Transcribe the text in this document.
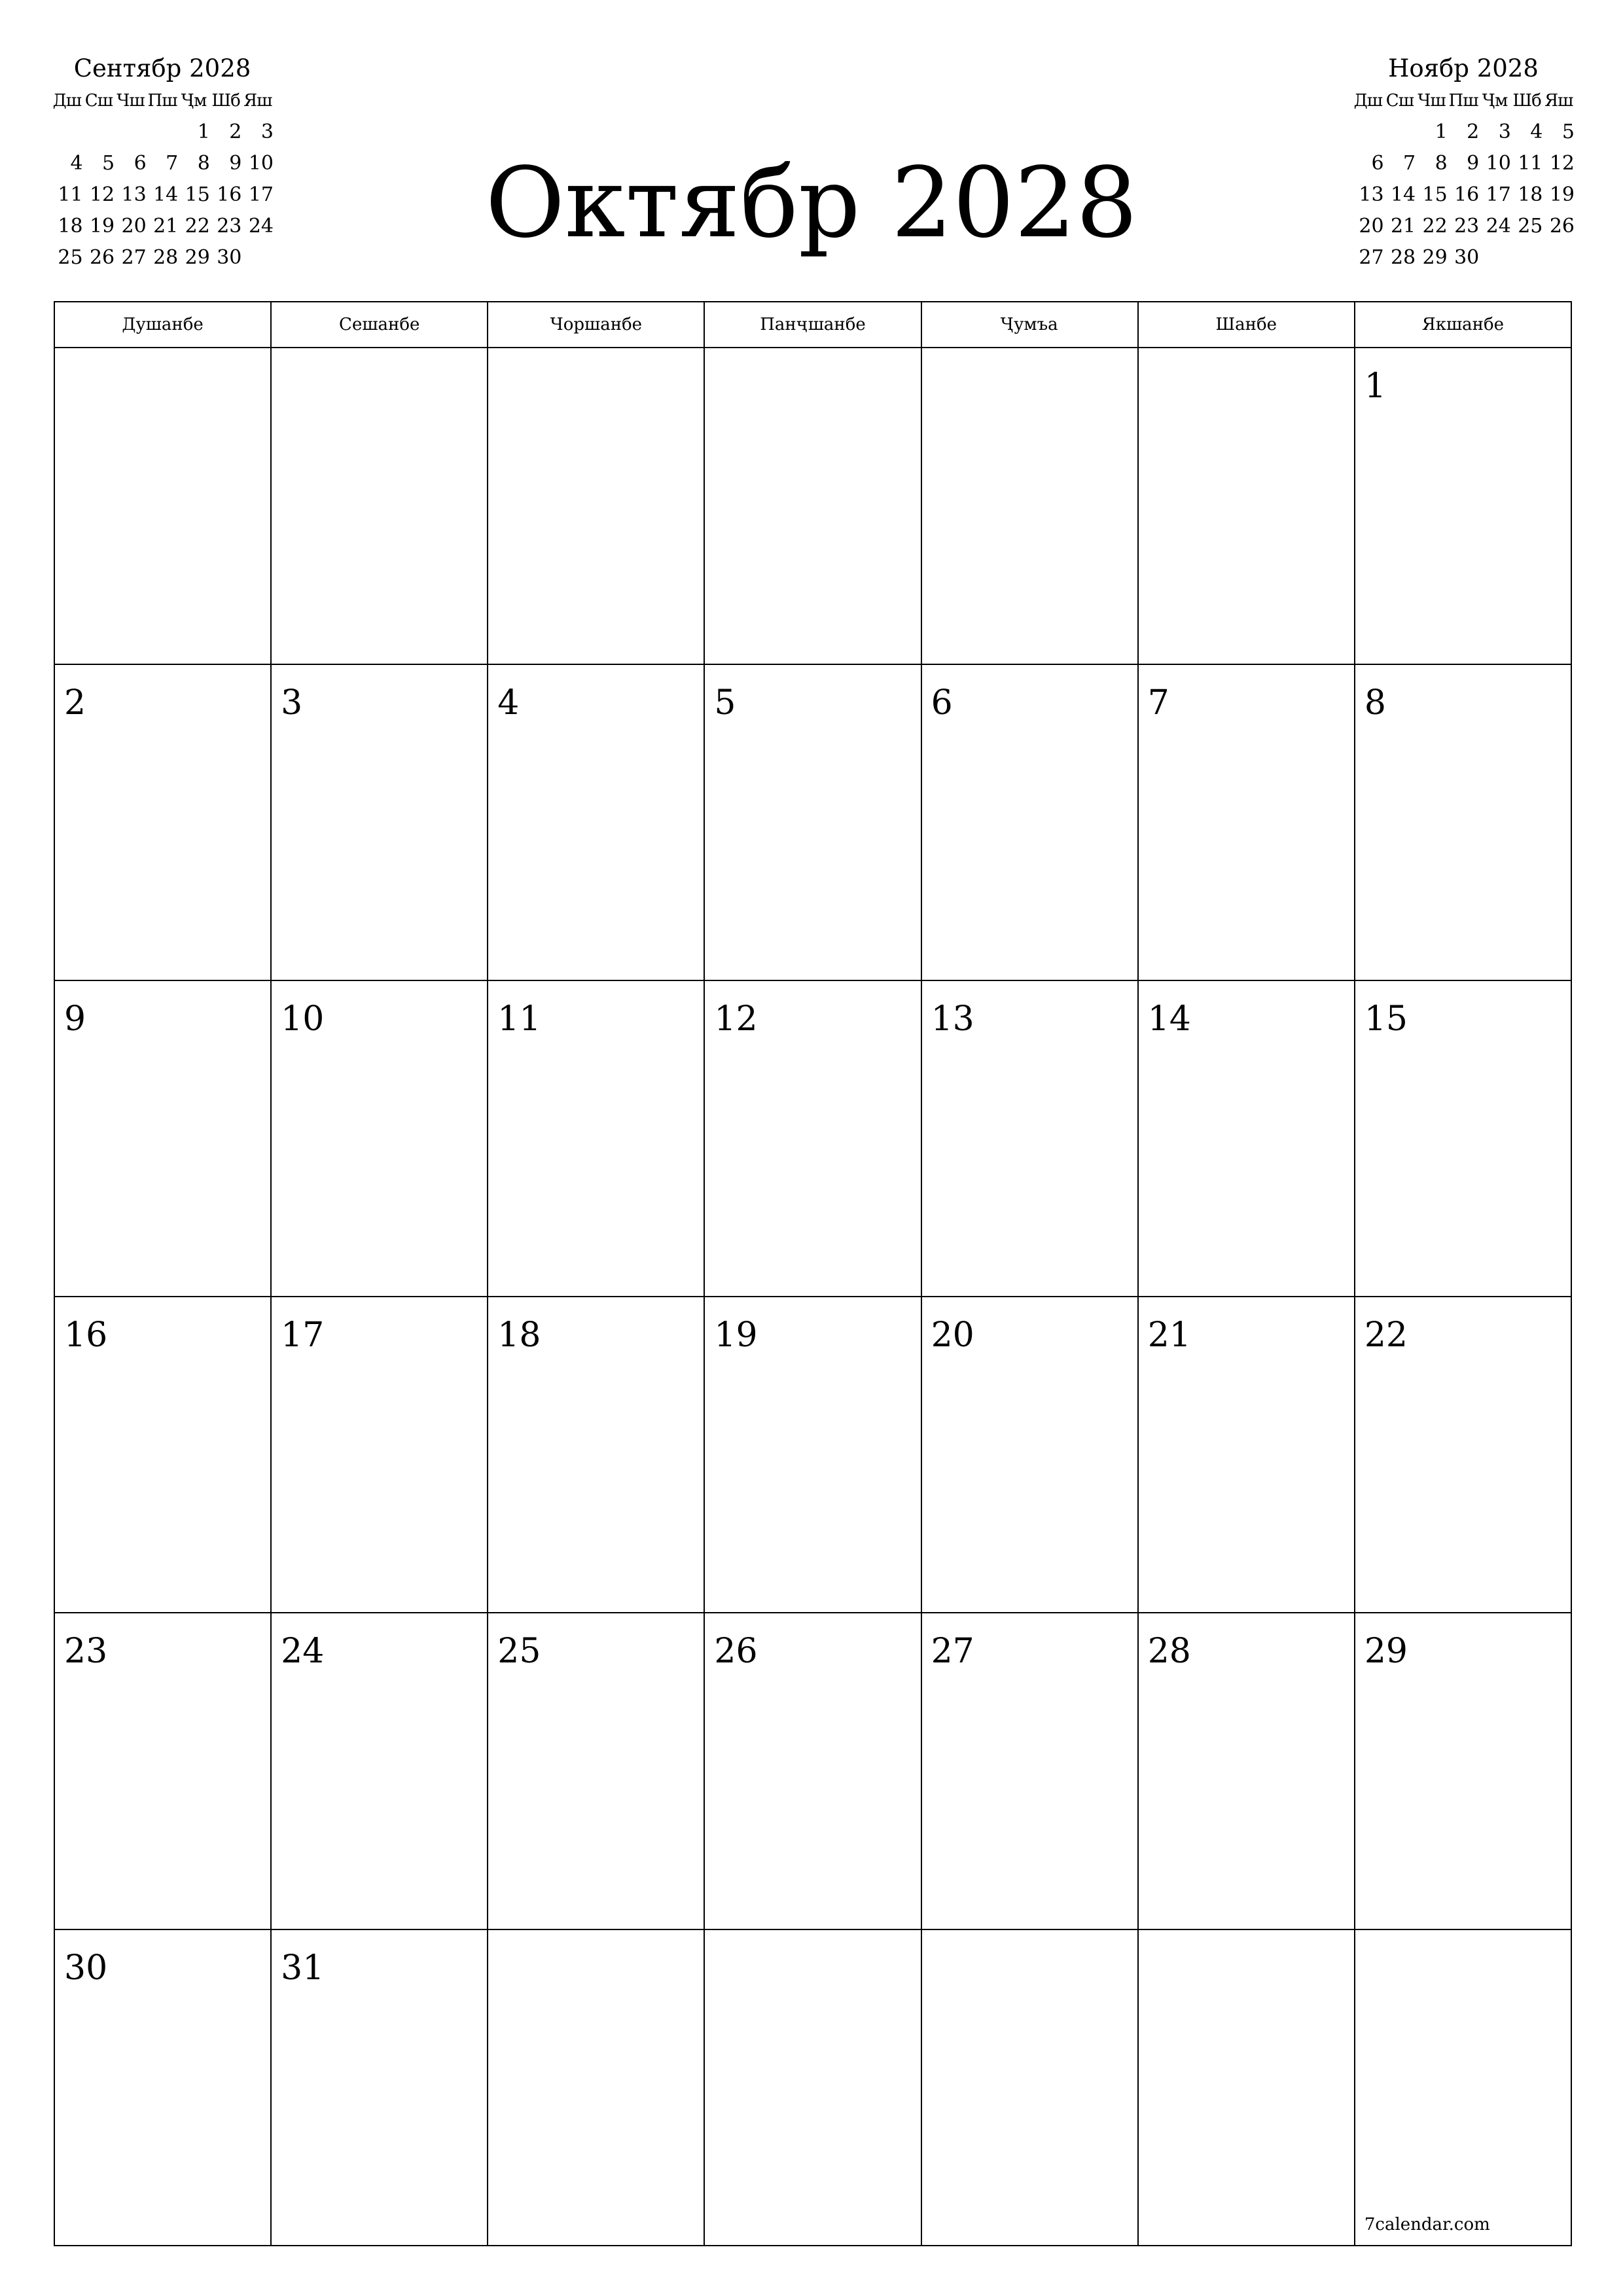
Сентябр 2028
Дш	Сш	Чш	Пш	Ҷм	Шб	Яш
				1	2	3
4	5	6	7	8	9	10
11	12	13	14	15	16	17
18	19	20	21	22	23	24
25	26	27	28	29	30		Октябр 2028
Ноябр 2028
Дш	Сш	Чш	Пш	Ҷм	Шб	Яш
		1	2	3	4	5
6	7	8	9	10	11	12
13	14	15	16	17	18	19
20	21	22	23	24	25	26
27	28	29	30			
Душанбе	Сешанбе	Чоршанбе	Панҷшанбе	Ҷумъа	Шанбе	Якшанбе

						1

2	3	4	5	6	7	8

9	10	11	12	13	14	15

16	17	18	19	20	21	22

23	24	25	26	27	28	29

30	31					7calendar.com
